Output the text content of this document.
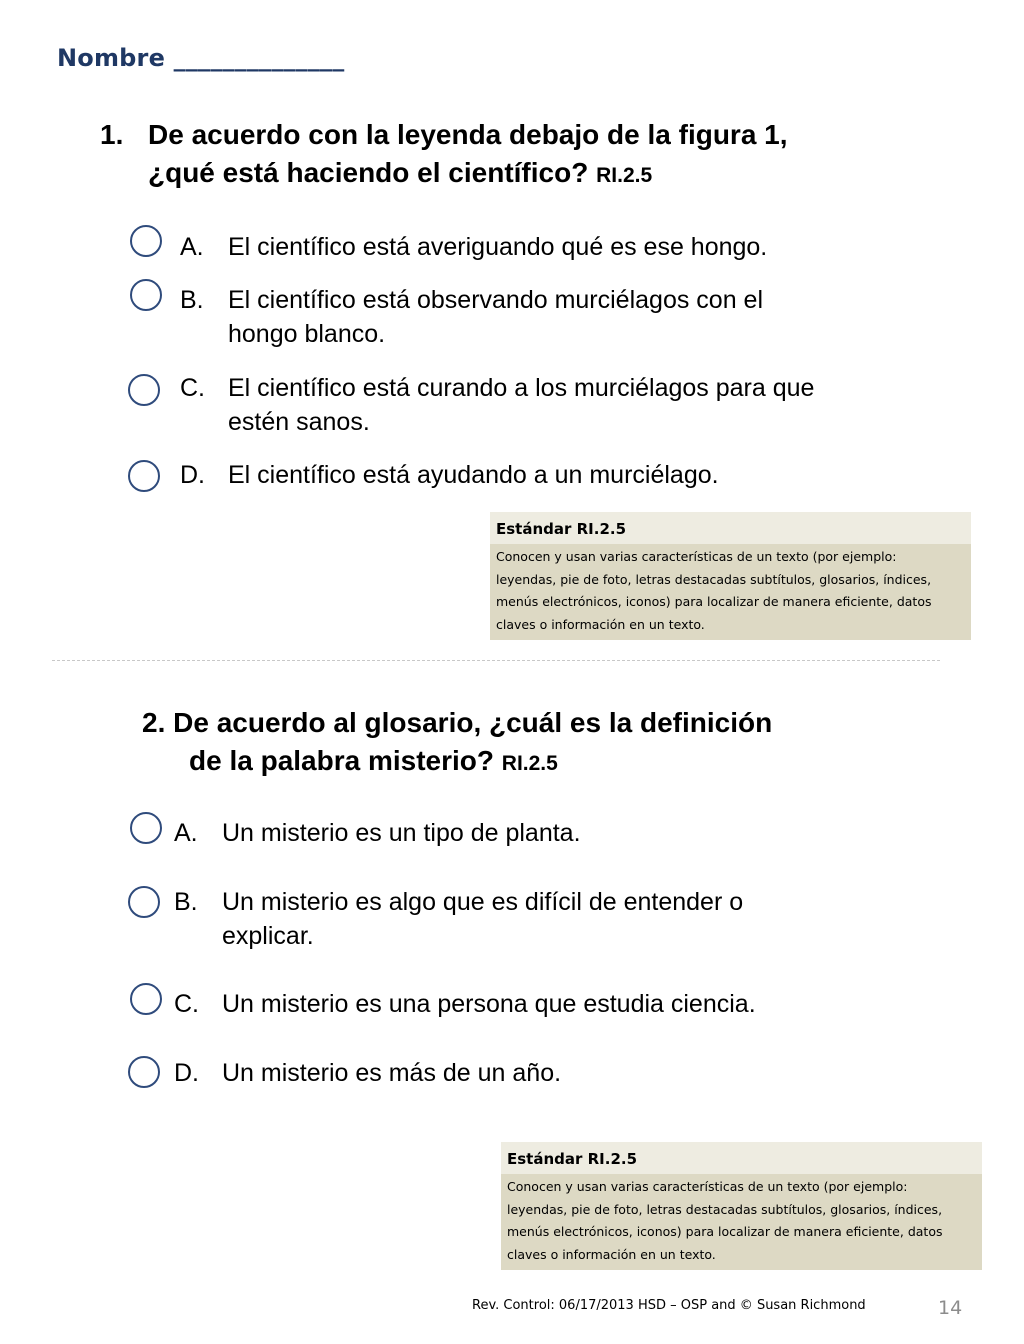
Nombre ______________
1. De acuerdo con la leyenda debajo de la figura 1,
¿qué está haciendo el científico? RI.2.5
A. El científico está averiguando qué es ese hongo.
B. El científico está observando murciélagos con el
hongo blanco.
C. El científico está curando a los murciélagos para que
estén sanos.
D. El científico está ayudando a un murciélago.
Estándar RI.2.5
Conocen y usan varias características de un texto (por ejemplo:
leyendas, pie de foto, letras destacadas subtítulos, glosarios, índices,
menús electrónicos, iconos) para localizar de manera eficiente, datos
claves o información en un texto.
2. De acuerdo al glosario, ¿cuál es la definición
de la palabra misterio? RI.2.5
A. Un misterio es un tipo de planta.
B. Un misterio es algo que es difícil de entender o
explicar.
C. Un misterio es una persona que estudia ciencia.
D. Un misterio es más de un año.
Estándar RI.2.5
Conocen y usan varias características de un texto (por ejemplo:
leyendas, pie de foto, letras destacadas subtítulos, glosarios, índices,
menús electrónicos, iconos) para localizar de manera eficiente, datos
claves o información en un texto.
Rev. Control: 06/17/2013 HSD – OSP and © Susan Richmond	14
